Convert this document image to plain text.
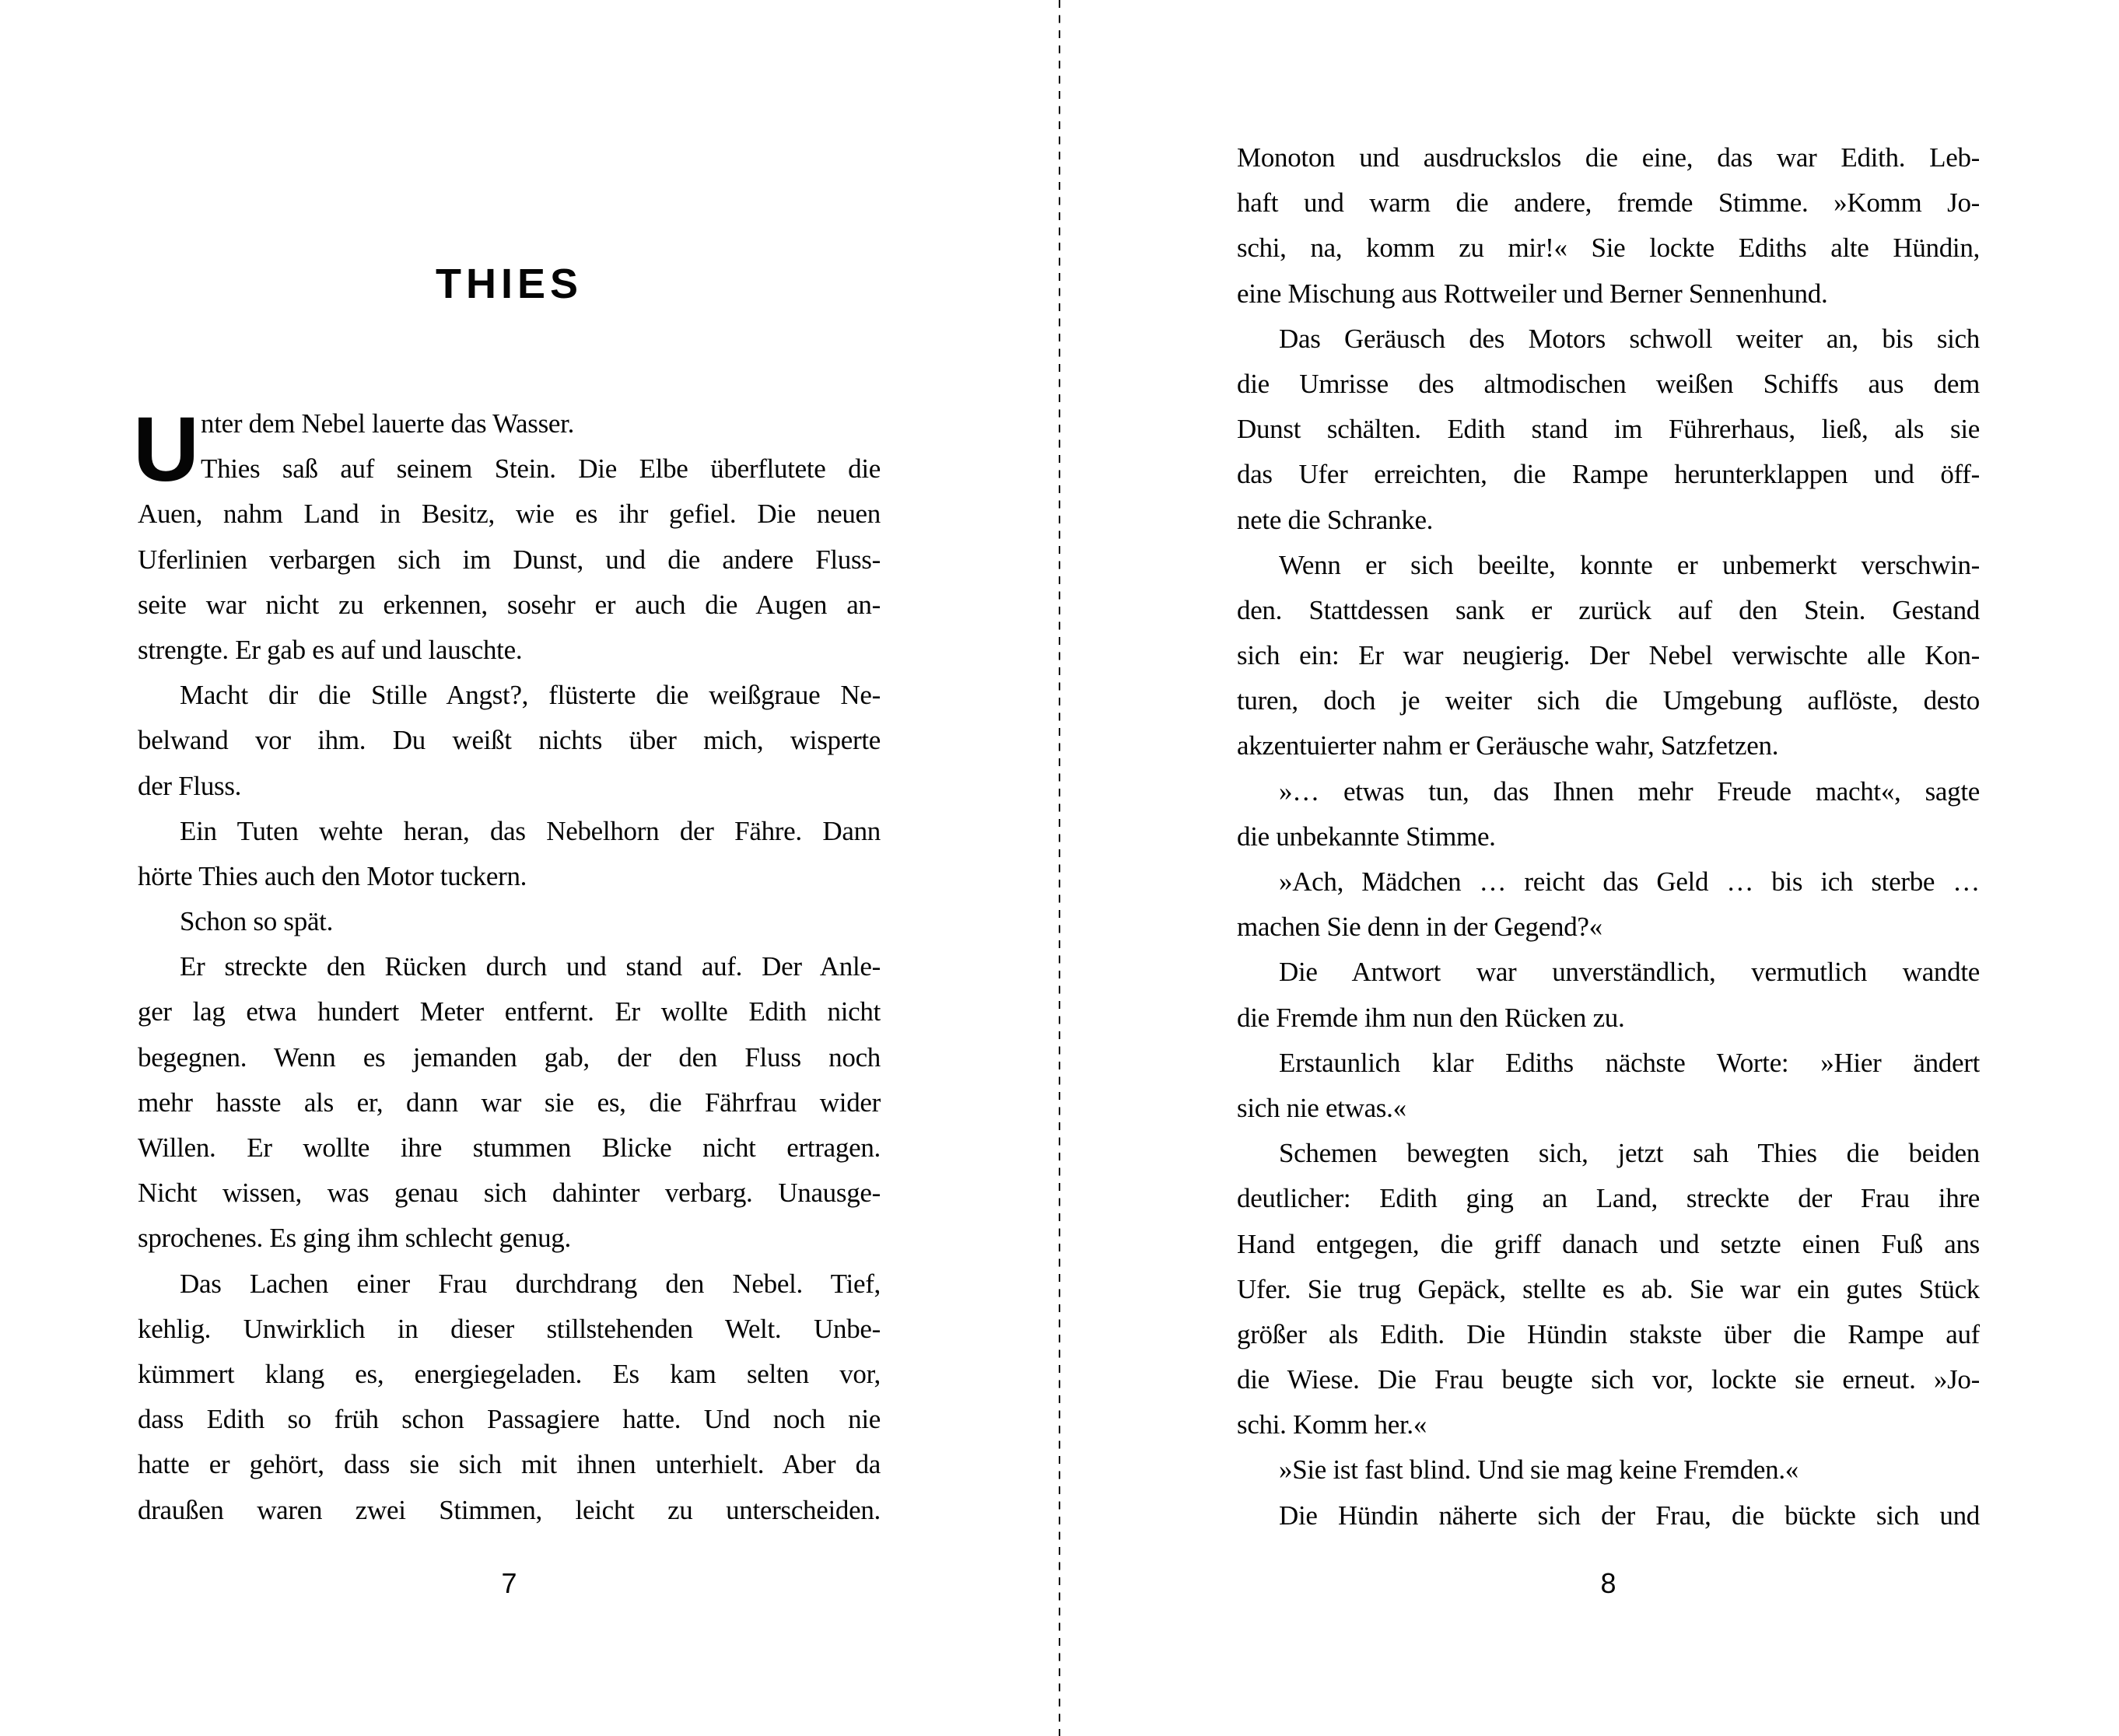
THIES
U nter dem Nebel lauerte das Wasser.
Thies saß auf seinem Stein. Die Elbe überflutete die
Auen, nahm Land in Besitz, wie es ihr gefiel. Die neuen
Uferlinien verbargen sich im Dunst, und die andere Fluss-
seite war nicht zu erkennen, sosehr er auch die Augen an-
strengte. Er gab es auf und lauschte.
Macht dir die Stille Angst?, flüsterte die weißgraue Ne-
belwand vor ihm. Du weißt nichts über mich, wisperte
der Fluss.
Ein Tuten wehte heran, das Nebelhorn der Fähre. Dann
hörte Thies auch den Motor tuckern.
Schon so spät.
Er streckte den Rücken durch und stand auf. Der Anle-
ger lag etwa hundert Meter entfernt. Er wollte Edith nicht
begegnen. Wenn es jemanden gab, der den Fluss noch
mehr hasste als er, dann war sie es, die Fährfrau wider
Willen. Er wollte ihre stummen Blicke nicht ertragen.
Nicht wissen, was genau sich dahinter verbarg. Unausge-
sprochenes. Es ging ihm schlecht genug.
Das Lachen einer Frau durchdrang den Nebel. Tief,
kehlig. Unwirklich in dieser stillstehenden Welt. Unbe-
kümmert klang es, energiegeladen. Es kam selten vor,
dass Edith so früh schon Passagiere hatte. Und noch nie
hatte er gehört, dass sie sich mit ihnen unterhielt. Aber da
draußen waren zwei Stimmen, leicht zu unterscheiden.
7
Monoton und ausdruckslos die eine, das war Edith. Leb-
haft und warm die andere, fremde Stimme. »Komm Jo-
schi, na, komm zu mir!« Sie lockte Ediths alte Hündin,
eine Mischung aus Rottweiler und Berner Sennenhund.
Das Geräusch des Motors schwoll weiter an, bis sich
die Umrisse des altmodischen weißen Schiffs aus dem
Dunst schälten. Edith stand im Führerhaus, ließ, als sie
das Ufer erreichten, die Rampe herunterklappen und öff-
nete die Schranke.
Wenn er sich beeilte, konnte er unbemerkt verschwin-
den. Stattdessen sank er zurück auf den Stein. Gestand
sich ein: Er war neugierig. Der Nebel verwischte alle Kon-
turen, doch je weiter sich die Umgebung auflöste, desto
akzentuierter nahm er Geräusche wahr, Satzfetzen.
»… etwas tun, das Ihnen mehr Freude macht«, sagte
die unbekannte Stimme.
»Ach, Mädchen … reicht das Geld … bis ich sterbe …
machen Sie denn in der Gegend?«
Die Antwort war unverständlich, vermutlich wandte
die Fremde ihm nun den Rücken zu.
Erstaunlich klar Ediths nächste Worte: »Hier ändert
sich nie etwas.«
Schemen bewegten sich, jetzt sah Thies die beiden
deutlicher: Edith ging an Land, streckte der Frau ihre
Hand entgegen, die griff danach und setzte einen Fuß ans
Ufer. Sie trug Gepäck, stellte es ab. Sie war ein gutes Stück
größer als Edith. Die Hündin stakste über die Rampe auf
die Wiese. Die Frau beugte sich vor, lockte sie erneut. »Jo-
schi. Komm her.«
»Sie ist fast blind. Und sie mag keine Fremden.«
Die Hündin näherte sich der Frau, die bückte sich und
8
